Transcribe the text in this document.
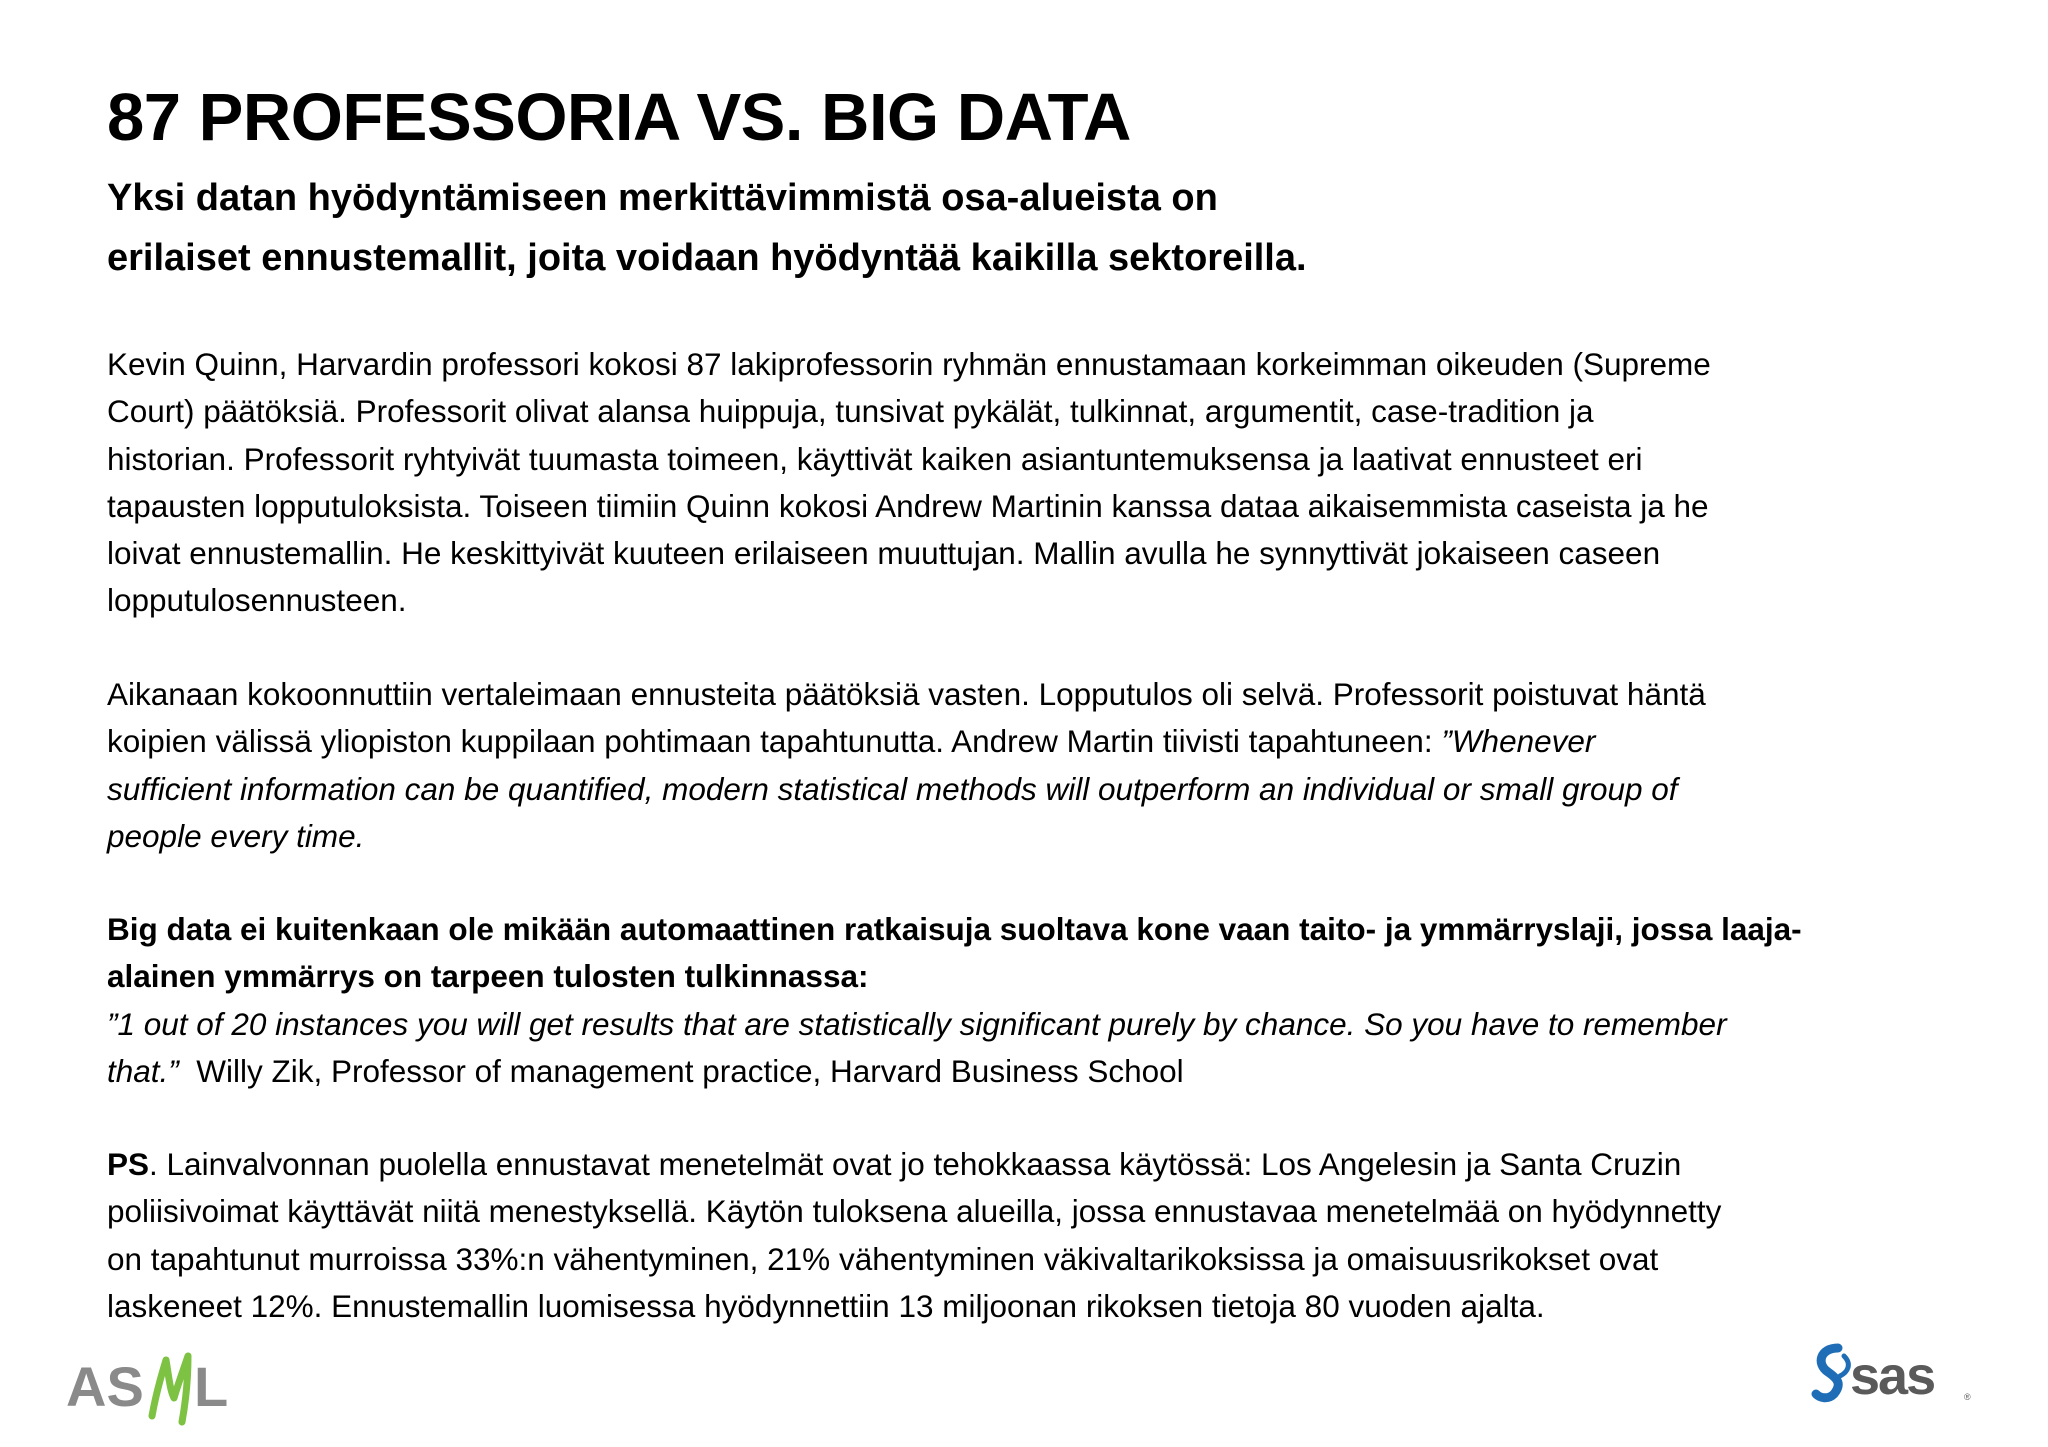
87 PROFESSORIA VS. BIG DATA
Yksi datan hyödyntämiseen merkittävimmistä osa-alueista on
erilaiset ennustemallit, joita voidaan hyödyntää kaikilla sektoreilla.
Kevin Quinn, Harvardin professori kokosi 87 lakiprofessorin ryhmän ennustamaan korkeimman oikeuden (Supreme
Court) päätöksiä. Professorit olivat alansa huippuja, tunsivat pykälät, tulkinnat, argumentit, case-tradition ja
historian. Professorit ryhtyivät tuumasta toimeen, käyttivät kaiken asiantuntemuksensa ja laativat ennusteet eri
tapausten lopputuloksista. Toiseen tiimiin Quinn kokosi Andrew Martinin kanssa dataa aikaisemmista caseista ja he
loivat ennustemallin. He keskittyivät kuuteen erilaiseen muuttujan. Mallin avulla he synnyttivät jokaiseen caseen
lopputulosennusteen.
Aikanaan kokoonnuttiin vertaleimaan ennusteita päätöksiä vasten. Lopputulos oli selvä. Professorit poistuvat häntä
koipien välissä yliopiston kuppilaan pohtimaan tapahtunutta. Andrew Martin tiivisti tapahtuneen: ”Whenever
sufficient information can be quantified, modern statistical methods will outperform an individual or small group of
people every time.
Big data ei kuitenkaan ole mikään automaattinen ratkaisuja suoltava kone vaan taito- ja ymmärryslaji, jossa laaja-
alainen ymmärrys on tarpeen tulosten tulkinnassa:
”1 out of 20 instances you will get results that are statistically significant purely by chance. So you have to remember
that.”  Willy Zik, Professor of management practice, Harvard Business School
PS. Lainvalvonnan puolella ennustavat menetelmät ovat jo tehokkaassa käytössä: Los Angelesin ja Santa Cruzin
poliisivoimat käyttävät niitä menestyksellä. Käytön tuloksena alueilla, jossa ennustavaa menetelmää on hyödynnetty
on tapahtunut murroissa 33%:n vähentyminen, 21% vähentyminen väkivaltarikoksissa ja omaisuusrikokset ovat
laskeneet 12%. Ennustemallin luomisessa hyödynnettiin 13 miljoonan rikoksen tietoja 80 vuoden ajalta.
AS L	sas	®
